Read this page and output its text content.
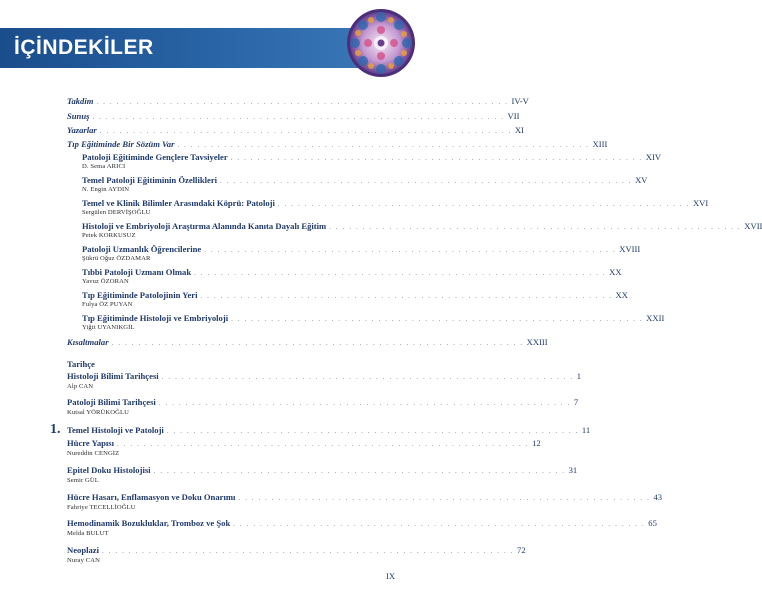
İÇİNDEKİLER
Takdim . . . . . . . . . . . . . . . . . . . . . . . . . . . . . . . . . . . . . . . . . . . . . . . . . . . . . . . . . . . . . . IV-V
Sunuş . . . . . . . . . . . . . . . . . . . . . . . . . . . . . . . . . . . . . . . . . . . . . . . . . . . . . . . . . . . . . . VII
Yazarlar . . . . . . . . . . . . . . . . . . . . . . . . . . . . . . . . . . . . . . . . . . . . . . . . . . . . . . . . . . . . . . XI
Tıp Eğitiminde Bir Sözüm Var . . . . . . . . . . . . . . . . . . . . . . . . . . . . . . . . . . . . . . . . . . . . . . . . . . . . . . . . . . . . . . XIII
Patoloji Eğitiminde Gençlere Tavsiyeler . . . . . . . . . . . . . . . . . . . . . . . . . . . . . . . . . . . . . . . . . . . . . . . . . . . . . . . . . . . . . . XIV
D. Sema ARICI
Temel Patoloji Eğitiminin Özellikleri . . . . . . . . . . . . . . . . . . . . . . . . . . . . . . . . . . . . . . . . . . . . . . . . . . . . . . . . . . . . . . XV
N. Engin AYDIN
Temel ve Klinik Bilimler Arasındaki Köprü: Patoloji . . . . . . . . . . . . . . . . . . . . . . . . . . . . . . . . . . . . . . . . . . . . . . . . . . . . . . . . . . . . . . XVI
Sergülen DERVİŞOĞLU
Histoloji ve Embriyoloji Araştırma Alanında Kanıta Dayalı Eğitim . . . . . . . . . . . . . . . . . . . . . . . . . . . . . . . . . . . . . . . . . . . . . . . . . . . . . . . . . . . . . . XVII
Petek KORKUSUZ
Patoloji Uzmanlık Öğrencilerine . . . . . . . . . . . . . . . . . . . . . . . . . . . . . . . . . . . . . . . . . . . . . . . . . . . . . . . . . . . . . . XVIII
Şükrü Oğuz ÖZDAMAR
Tıbbi Patoloji Uzmanı Olmak . . . . . . . . . . . . . . . . . . . . . . . . . . . . . . . . . . . . . . . . . . . . . . . . . . . . . . . . . . . . . . XX
Yavuz ÖZORAN
Tıp Eğitiminde Patolojinin Yeri . . . . . . . . . . . . . . . . . . . . . . . . . . . . . . . . . . . . . . . . . . . . . . . . . . . . . . . . . . . . . . XX
Fulya ÖZ PUYAN
Tıp Eğitiminde Histoloji ve Embriyoloji . . . . . . . . . . . . . . . . . . . . . . . . . . . . . . . . . . . . . . . . . . . . . . . . . . . . . . . . . . . . . . XXII
Yiğit UYANIKGİL
Kısaltmalar . . . . . . . . . . . . . . . . . . . . . . . . . . . . . . . . . . . . . . . . . . . . . . . . . . . . . . . . . . . . . . XXIII
Tarihçe
Histoloji Bilimi Tarihçesi . . . . . . . . . . . . . . . . . . . . . . . . . . . . . . . . . . . . . . . . . . . . . . . . . . . . . . . . . . . . . . 1
Alp CAN
Patoloji Bilimi Tarihçesi . . . . . . . . . . . . . . . . . . . . . . . . . . . . . . . . . . . . . . . . . . . . . . . . . . . . . . . . . . . . . . 7
Kutsal YÖRÜKOĞLU
1. Temel Histoloji ve Patoloji . . . . . . . . . . . . . . . . . . . . . . . . . . . . . . . . . . . . . . . . . . . . . . . . . . . . . . . . . . . . . . 11
Hücre Yapısı . . . . . . . . . . . . . . . . . . . . . . . . . . . . . . . . . . . . . . . . . . . . . . . . . . . . . . . . . . . . . . 12
Nureddin CENGİZ
Epitel Doku Histolojisi . . . . . . . . . . . . . . . . . . . . . . . . . . . . . . . . . . . . . . . . . . . . . . . . . . . . . . . . . . . . . . 31
Semir GÜL
Hücre Hasarı, Enflamasyon ve Doku Onarımı . . . . . . . . . . . . . . . . . . . . . . . . . . . . . . . . . . . . . . . . . . . . . . . . . . . . . . . . . . . . . . 43
Fahriye TECELLİOĞLU
Hemodinamik Bozukluklar, Tromboz ve Şok . . . . . . . . . . . . . . . . . . . . . . . . . . . . . . . . . . . . . . . . . . . . . . . . . . . . . . . . . . . . . . 65
Melda BULUT
Neoplazi . . . . . . . . . . . . . . . . . . . . . . . . . . . . . . . . . . . . . . . . . . . . . . . . . . . . . . . . . . . . . . 72
Nuray CAN
IX
